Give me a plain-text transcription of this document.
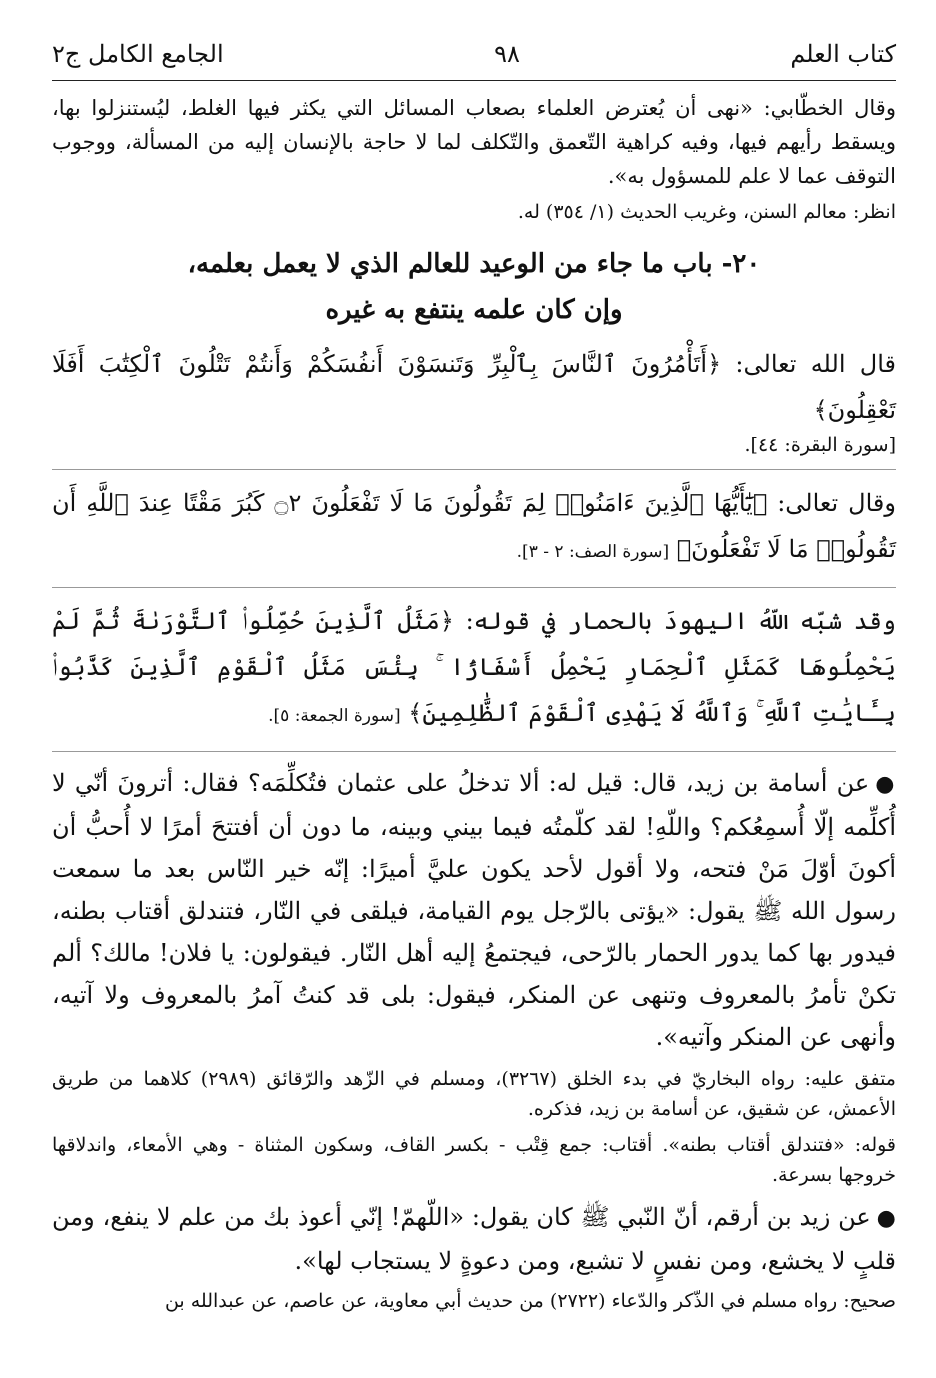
كتاب العلم
٩٨
الجامع الكامل ج٢

وقال الخطّابي: «نهى أن يُعترض العلماء بصعاب المسائل التي يكثر فيها الغلط، ليُستنزلوا بها، ويسقط رأيهم فيها، وفيه كراهية التّعمق والتّكلف لما لا حاجة بالإنسان إليه من المسألة، ووجوب التوقف عما لا علم للمسؤول به».

انظر: معالم السنن، وغريب الحديث (١/ ٣٥٤) له.

٢٠- باب ما جاء من الوعيد للعالم الذي لا يعمل بعلمه،
وإن كان علمه ينتفع به غيره

قال الله تعالى: ﴿أَتَأْمُرُونَ ٱلنَّاسَ بِٱلْبِرِّ وَتَنسَوْنَ أَنفُسَكُمْ وَأَنتُمْ تَتْلُونَ ٱلْكِتَٰبَ أَفَلَا تَعْقِلُونَ﴾

[سورة البقرة: ٤٤].

وقال تعالى: ﴿يَٰٓأَيُّهَا ٱلَّذِينَ ءَامَنُوا۟ لِمَ تَقُولُونَ مَا لَا تَفْعَلُونَ ۝٢ كَبُرَ مَقْتًا عِندَ ٱللَّهِ أَن تَقُولُوا۟ مَا لَا تَفْعَلُونَ﴾ [سورة الصف: ٢ - ٣].

وقد شبّه اللّهُ اليهودَ بالحمار في قوله: ﴿مَثَلُ ٱلَّذِينَ حُمِّلُوا۟ ٱلتَّوْرَىٰةَ ثُمَّ لَمْ يَحْمِلُوهَا كَمَثَلِ ٱلْحِمَارِ يَحْمِلُ أَسْفَارًۢا ۚ بِئْسَ مَثَلُ ٱلْقَوْمِ ٱلَّذِينَ كَذَّبُوا۟ بِـَٔايَٰتِ ٱللَّهِ ۚ وَٱللَّهُ لَا يَهْدِى ٱلْقَوْمَ ٱلظَّٰلِمِينَ﴾ [سورة الجمعة: ٥].

●عن أسامة بن زيد، قال: قيل له: ألا تدخلُ على عثمان فتُكلِّمَه؟ فقال: أترونَ أنّي لا أُكلِّمه إلّا أُسمِعُكم؟ واللّهِ! لقد كلّمتُه فيما بيني وبينه، ما دون أن أفتتحَ أمرًا لا أُحبُّ أن أكونَ أوّلَ مَنْ فتحه، ولا أقول لأحد يكون عليَّ أميرًا: إنّه خير النّاس بعد ما سمعت رسول الله ﷺ يقول: «يؤتى بالرّجل يوم القيامة، فيلقى في النّار، فتندلق أقتاب بطنه، فيدور بها كما يدور الحمار بالرّحى، فيجتمعُ إليه أهل النّار. فيقولون: يا فلان! مالك؟ ألم تكنْ تأمرُ بالمعروف وتنهى عن المنكر، فيقول: بلى قد كنتُ آمرُ بالمعروف ولا آتيه، وأنهى عن المنكر وآتيه».

متفق عليه: رواه البخاريّ في بدء الخلق (٣٢٦٧)، ومسلم في الزّهد والرّقائق (٢٩٨٩) كلاهما من طريق الأعمش، عن شقيق، عن أسامة بن زيد، فذكره.

قوله: «فتندلق أقتاب بطنه». أقتاب: جمع قِتْب - بكسر القاف، وسكون المثناة - وهي الأمعاء، واندلاقها خروجها بسرعة.

●عن زيد بن أرقم، أنّ النّبي ﷺ كان يقول: «اللّهمّ! إنّي أعوذ بك من علم لا ينفع، ومن قلبٍ لا يخشع، ومن نفسٍ لا تشبع، ومن دعوةٍ لا يستجاب لها».

صحيح: رواه مسلم في الذّكر والدّعاء (٢٧٢٢) من حديث أبي معاوية، عن عاصم، عن عبدالله بن
